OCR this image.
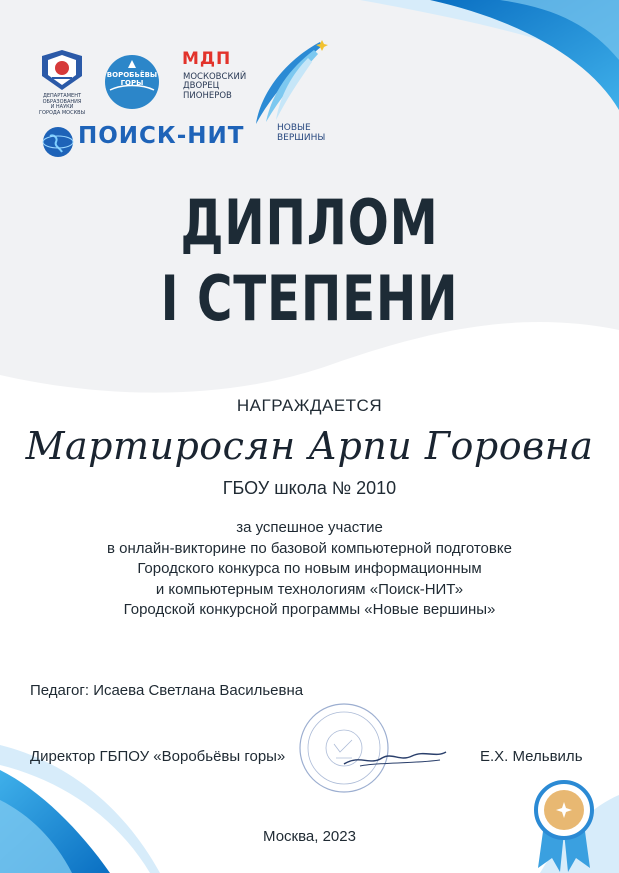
ДЕПАРТАМЕНТ
ОБРАЗОВАНИЯ
И НАУКИ
ГОРОДА МОСКВЫ
ВОРОБЬЁВЫ
ГОРЫ
МДП
МОСКОВСКИЙ
ДВОРЕЦ
ПИОНЕРОВ
НОВЫЕ
ВЕРШИНЫ
ПОИСК-НИТ
ДИПЛОМ
I СТЕПЕНИ
НАГРАЖДАЕТСЯ
Мартиросян Арпи Горовна
ГБОУ школа № 2010
за успешное участие
в онлайн-викторине по базовой компьютерной подготовке
Городского конкурса по новым информационным
и компьютерным технологиям «Поиск-НИТ»
Городской конкурсной программы «Новые вершины»
Педагог: Исаева Светлана Васильевна
Директор ГБПОУ «Воробьёвы горы»	Е.Х. Мельвиль
Москва, 2023
